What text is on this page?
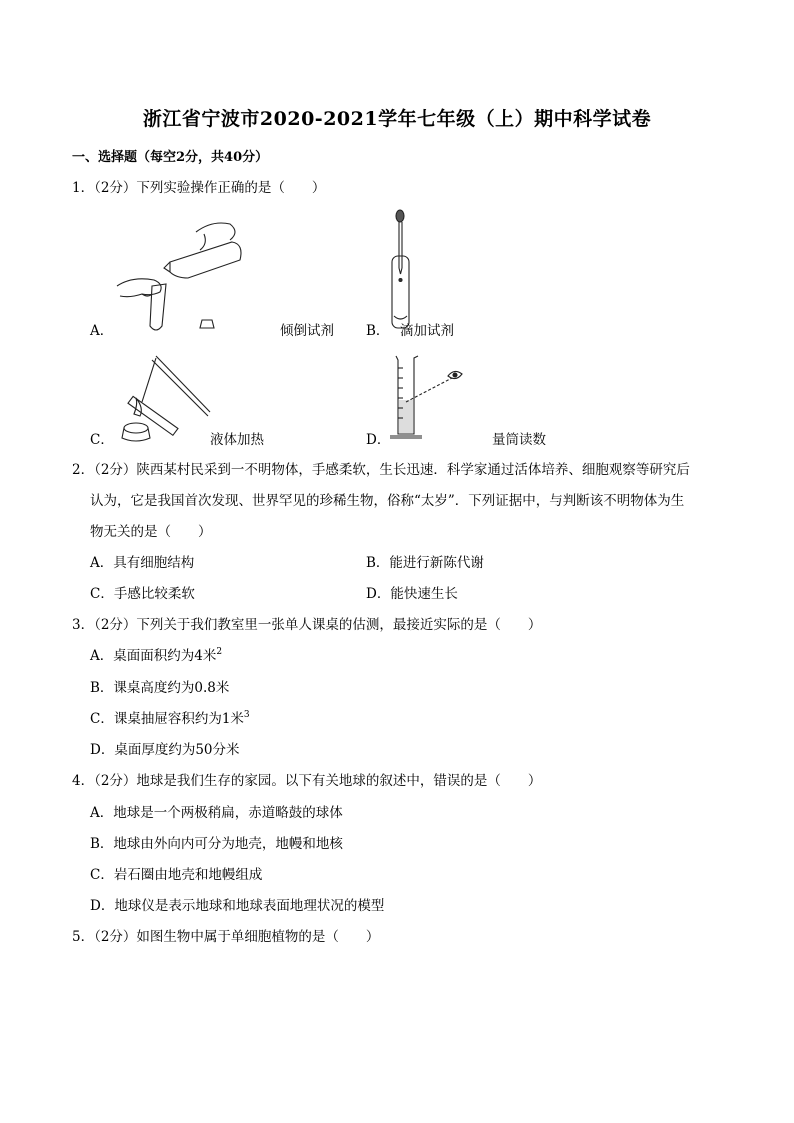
浙江省宁波市2020-2021学年七年级（上）期中科学试卷
一、选择题（每空2分，共40分）
1．（2分）下列实验操作正确的是（　　）
A．	倾倒试剂 B． 滴加试剂
C．	液体加热	D．	量筒读数
2．（2分）陕西某村民采到一不明物体，手感柔软，生长迅速．科学家通过活体培养、细胞观察等研究后
认为，它是我国首次发现、世界罕见的珍稀生物，俗称“太岁”．下列证据中，与判断该不明物体为生
物无关的是（　　）
A．具有细胞结构	B．能进行新陈代谢
C．手感比较柔软	D．能快速生长
3．（2分）下列关于我们教室里一张单人课桌的估测，最接近实际的是（　　）
A．桌面面积约为4米$^2$
B．课桌高度约为0.8米
C．课桌抽屉容积约为1米$^3$
D．桌面厚度约为50分米
4．（2分）地球是我们生存的家园。以下有关地球的叙述中，错误的是（　　）
A．地球是一个两极稍扁，赤道略鼓的球体
B．地球由外向内可分为地壳，地幔和地核
C．岩石圈由地壳和地幔组成
D．地球仪是表示地球和地球表面地理状况的模型
5．（2分）如图生物中属于单细胞植物的是（　　）
